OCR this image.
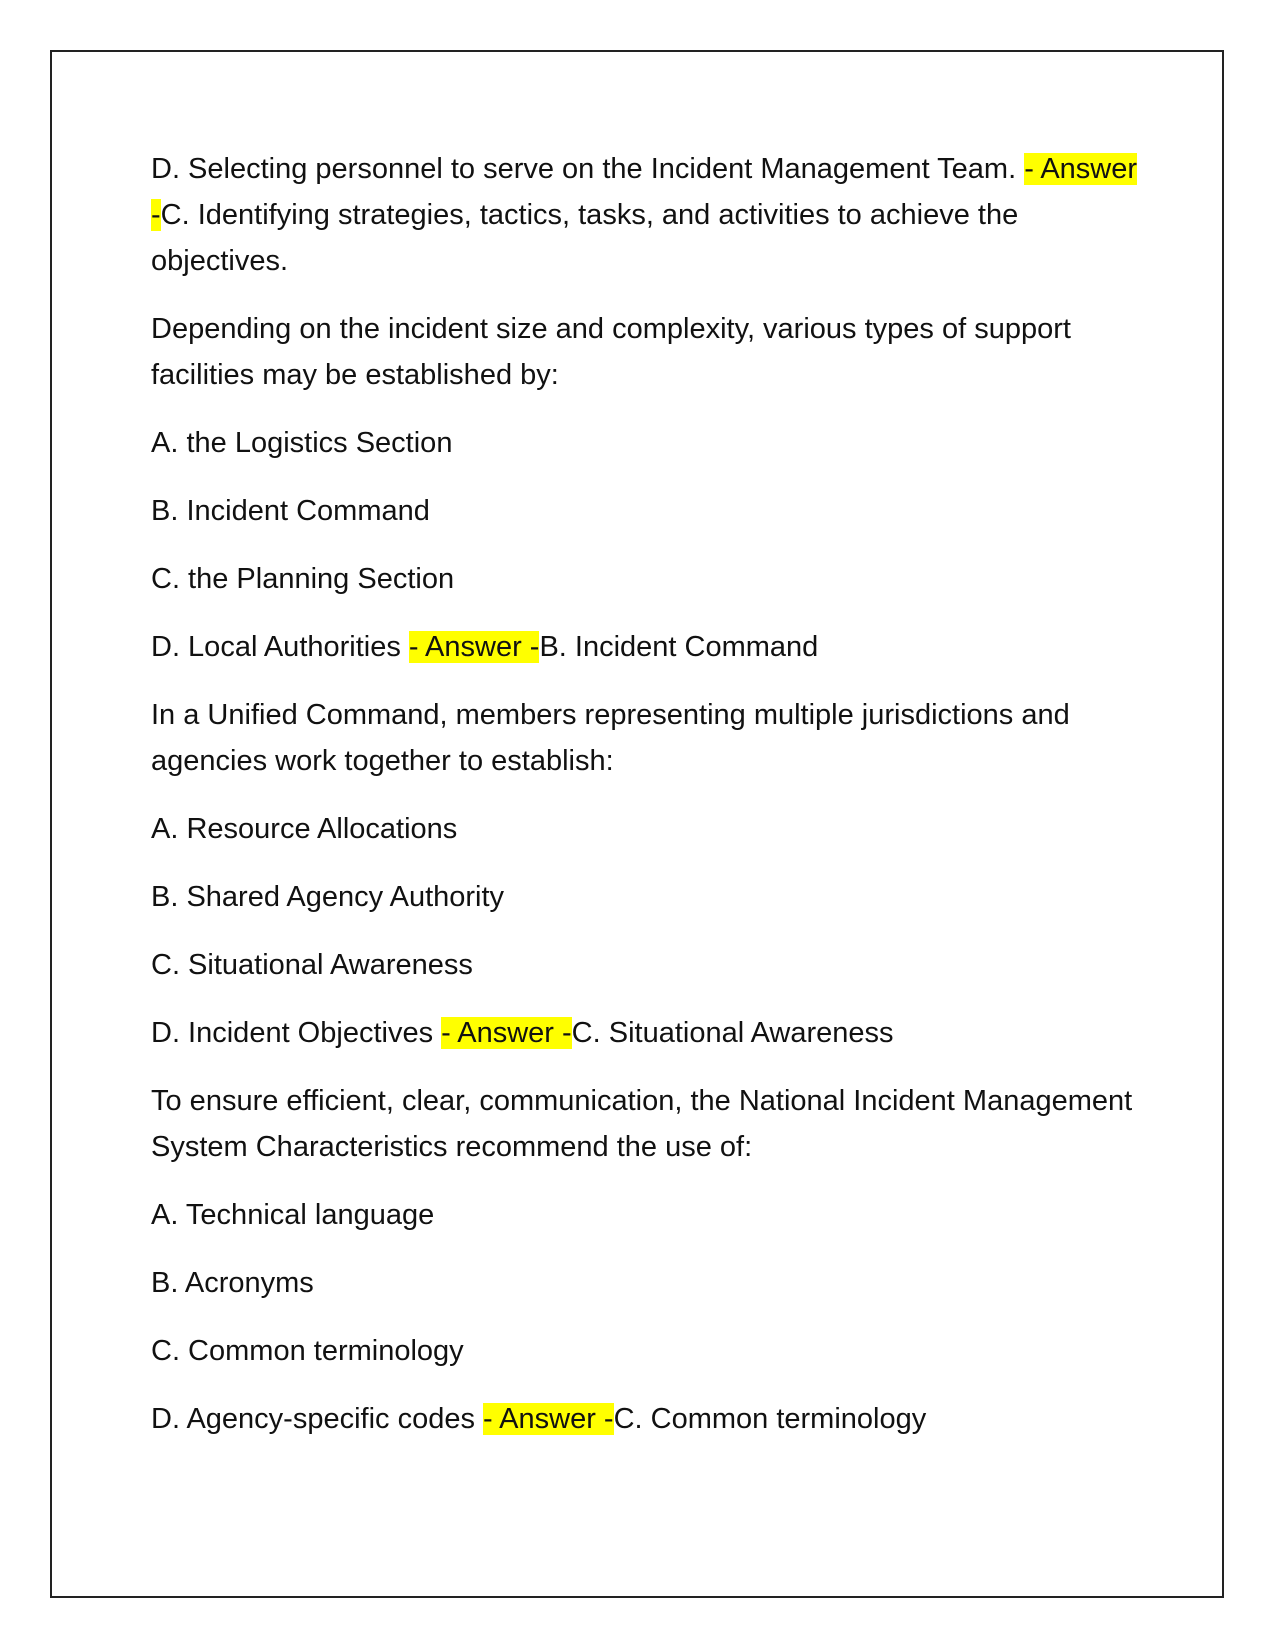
D. Selecting personnel to serve on the Incident Management Team. - Answer -C. Identifying strategies, tactics, tasks, and activities to achieve the objectives.

Depending on the incident size and complexity, various types of support facilities may be established by:

A. the Logistics Section

B. Incident Command

C. the Planning Section

D. Local Authorities - Answer -B. Incident Command

In a Unified Command, members representing multiple jurisdictions and agencies work together to establish:

A. Resource Allocations

B. Shared Agency Authority

C. Situational Awareness

D. Incident Objectives - Answer -C. Situational Awareness

To ensure efficient, clear, communication, the National Incident Management System Characteristics recommend the use of:

A. Technical language

B. Acronyms

C. Common terminology

D. Agency-specific codes - Answer -C. Common terminology
